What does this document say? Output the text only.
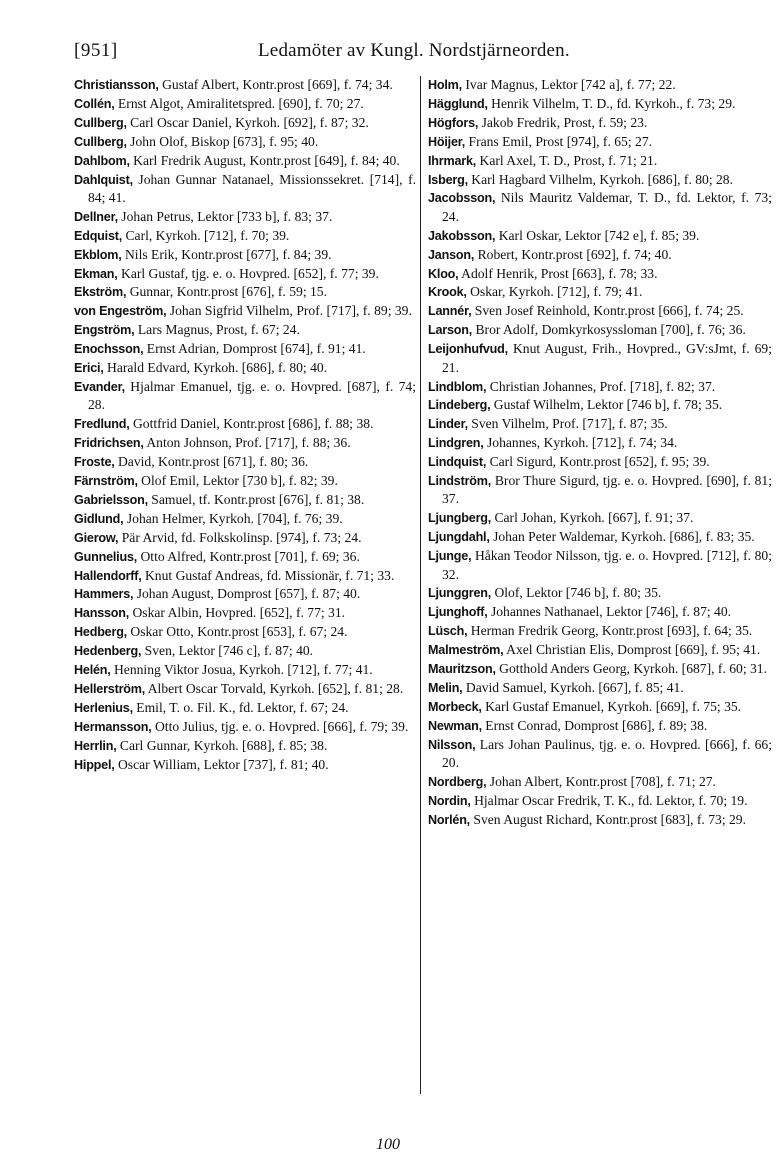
[951]	Ledamöter av Kungl. Nordstjärneorden.

Christiansson, Gustaf Albert, Kontr.prost [669], f. 74; 34.

Collén, Ernst Algot, Amiralitetspred. [690], f. 70; 27.

Cullberg, Carl Oscar Daniel, Kyrkoh. [692], f. 87; 32.

Cullberg, John Olof, Biskop [673], f. 95; 40.

Dahlbom, Karl Fredrik August, Kontr.prost [649], f. 84; 40.

Dahlquist, Johan Gunnar Natanael, Missionssekret. [714], f. 84; 41.

Dellner, Johan Petrus, Lektor [733 b], f. 83; 37.

Edquist, Carl, Kyrkoh. [712], f. 70; 39.

Ekblom, Nils Erik, Kontr.prost [677], f. 84; 39.

Ekman, Karl Gustaf, tjg. e. o. Hovpred. [652], f. 77; 39.

Ekström, Gunnar, Kontr.prost [676], f. 59; 15.

von Engeström, Johan Sigfrid Vilhelm, Prof. [717], f. 89; 39.

Engström, Lars Magnus, Prost, f. 67; 24.

Enochsson, Ernst Adrian, Domprost [674], f. 91; 41.

Erici, Harald Edvard, Kyrkoh. [686], f. 80; 40.

Evander, Hjalmar Emanuel, tjg. e. o. Hovpred. [687], f. 74; 28.

Fredlund, Gottfrid Daniel, Kontr.prost [686], f. 88; 38.

Fridrichsen, Anton Johnson, Prof. [717], f. 88; 36.

Froste, David, Kontr.prost [671], f. 80; 36.

Färnström, Olof Emil, Lektor [730 b], f. 82; 39.

Gabrielsson, Samuel, tf. Kontr.prost [676], f. 81; 38.

Gidlund, Johan Helmer, Kyrkoh. [704], f. 76; 39.

Gierow, Pär Arvid, fd. Folkskolinsp. [974], f. 73; 24.

Gunnelius, Otto Alfred, Kontr.prost [701], f. 69; 36.

Hallendorff, Knut Gustaf Andreas, fd. Missionär, f. 71; 33.

Hammers, Johan August, Domprost [657], f. 87; 40.

Hansson, Oskar Albin, Hovpred. [652], f. 77; 31.

Hedberg, Oskar Otto, Kontr.prost [653], f. 67; 24.

Hedenberg, Sven, Lektor [746 c], f. 87; 40.

Helén, Henning Viktor Josua, Kyrkoh. [712], f. 77; 41.

Hellerström, Albert Oscar Torvald, Kyrkoh. [652], f. 81; 28.

Herlenius, Emil, T. o. Fil. K., fd. Lektor, f. 67; 24.

Hermansson, Otto Julius, tjg. e. o. Hovpred. [666], f. 79; 39.

Herrlin, Carl Gunnar, Kyrkoh. [688], f. 85; 38.

Hippel, Oscar William, Lektor [737], f. 81; 40.

Holm, Ivar Magnus, Lektor [742 a], f. 77; 22.

Hägglund, Henrik Vilhelm, T. D., fd. Kyrkoh., f. 73; 29.

Högfors, Jakob Fredrik, Prost, f. 59; 23.

Höijer, Frans Emil, Prost [974], f. 65; 27.

Ihrmark, Karl Axel, T. D., Prost, f. 71; 21.

Isberg, Karl Hagbard Vilhelm, Kyrkoh. [686], f. 80; 28.

Jacobsson, Nils Mauritz Valdemar, T. D., fd. Lektor, f. 73; 24.

Jakobsson, Karl Oskar, Lektor [742 e], f. 85; 39.

Janson, Robert, Kontr.prost [692], f. 74; 40.

Kloo, Adolf Henrik, Prost [663], f. 78; 33.

Krook, Oskar, Kyrkoh. [712], f. 79; 41.

Lannér, Sven Josef Reinhold, Kontr.prost [666], f. 74; 25.

Larson, Bror Adolf, Domkyrkosyssloman [700], f. 76; 36.

Leijonhufvud, Knut August, Frih., Hovpred., GV:sJmt, f. 69; 21.

Lindblom, Christian Johannes, Prof. [718], f. 82; 37.

Lindeberg, Gustaf Wilhelm, Lektor [746 b], f. 78; 35.

Linder, Sven Vilhelm, Prof. [717], f. 87; 35.

Lindgren, Johannes, Kyrkoh. [712], f. 74; 34.

Lindquist, Carl Sigurd, Kontr.prost [652], f. 95; 39.

Lindström, Bror Thure Sigurd, tjg. e. o. Hovpred. [690], f. 81; 37.

Ljungberg, Carl Johan, Kyrkoh. [667], f. 91; 37.

Ljungdahl, Johan Peter Waldemar, Kyrkoh. [686], f. 83; 35.

Ljunge, Håkan Teodor Nilsson, tjg. e. o. Hovpred. [712], f. 80; 32.

Ljunggren, Olof, Lektor [746 b], f. 80; 35.

Ljunghoff, Johannes Nathanael, Lektor [746], f. 87; 40.

Lüsch, Herman Fredrik Georg, Kontr.prost [693], f. 64; 35.

Malmeström, Axel Christian Elis, Domprost [669], f. 95; 41.

Mauritzson, Gotthold Anders Georg, Kyrkoh. [687], f. 60; 31.

Melin, David Samuel, Kyrkoh. [667], f. 85; 41.

Morbeck, Karl Gustaf Emanuel, Kyrkoh. [669], f. 75; 35.

Newman, Ernst Conrad, Domprost [686], f. 89; 38.

Nilsson, Lars Johan Paulinus, tjg. e. o. Hovpred. [666], f. 66; 20.

Nordberg, Johan Albert, Kontr.prost [708], f. 71; 27.

Nordin, Hjalmar Oscar Fredrik, T. K., fd. Lektor, f. 70; 19.

Norlén, Sven August Richard, Kontr.prost [683], f. 73; 29.

100
